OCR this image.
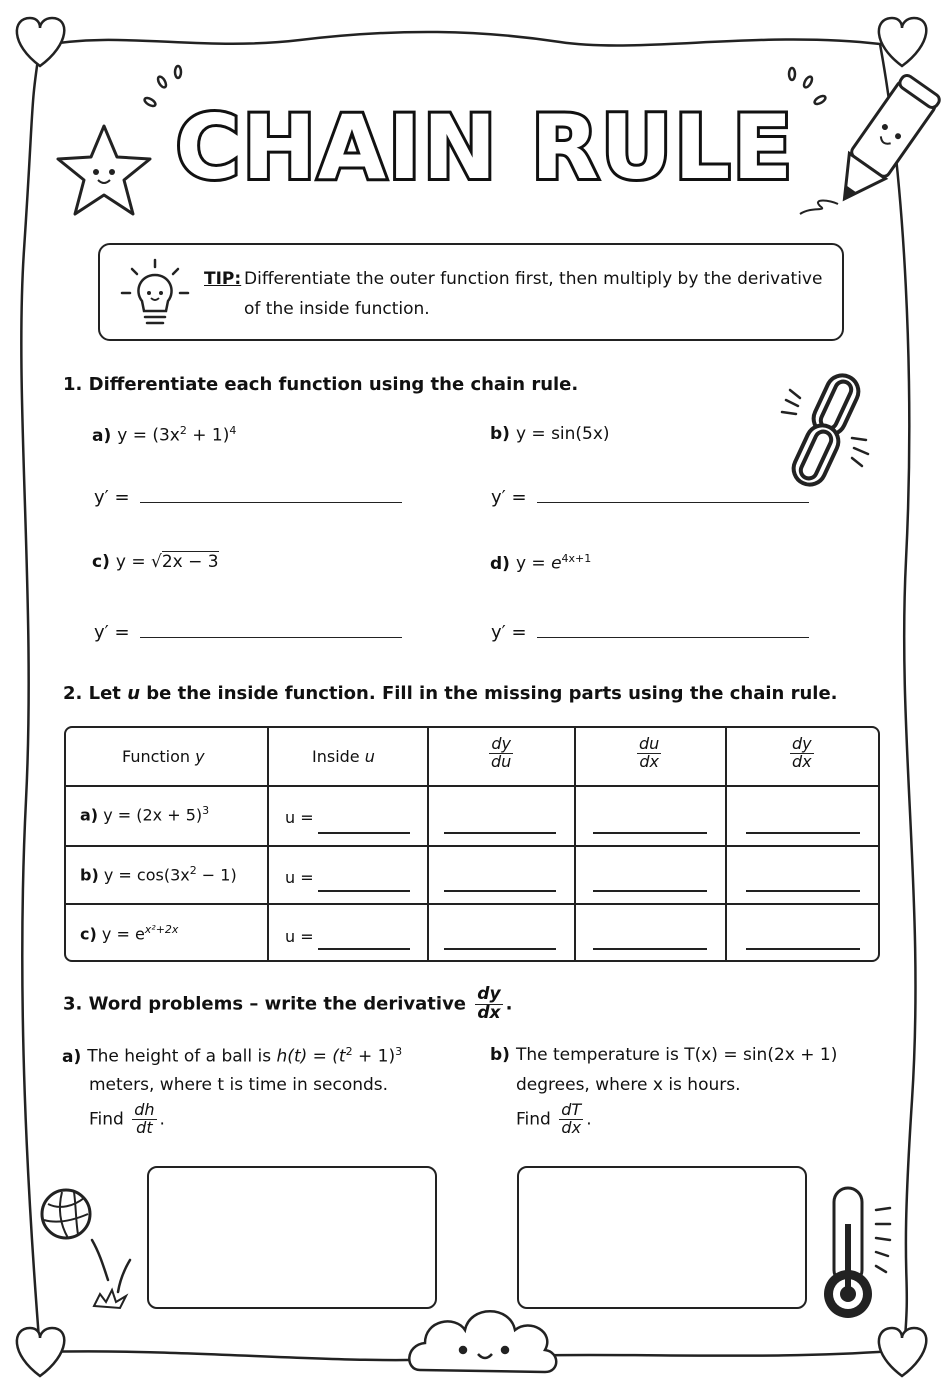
CHAIN RULE
TIP: Differentiate the outer function first, then multiply by the derivative
of the inside function.
1. Differentiate each function using the chain rule.
a) $y = (3x^2 + 1)^4$	b) y = sin(5x)
y′ =	y′ =
c) y = √2x − 3	d) $y = e^{4x+1}$
y′ =	y′ =
2. Let u be the inside function. Fill in the missing parts using the chain rule.
Function y	Inside u	$\frac{dy}{du}$	$\frac{du}{dx}$	$\frac{dy}{dx}$
a) $y = (2x + 5)^3$	u =
b) $y = \cos(3x^2 - 1)$	u =
c) $y = e^{x^2+2x}$	u =
3. Word problems – write the derivative $\frac{dy}{dx}$ .
a) The height of a ball is $h(t) = (t^2 + 1)^3$
meters, where t is time in seconds.
Find $\frac{dh}{dt}$ .
b) The temperature is T(x) = sin(2x + 1)
degrees, where x is hours.
Find $\frac{dT}{dx}$ .
